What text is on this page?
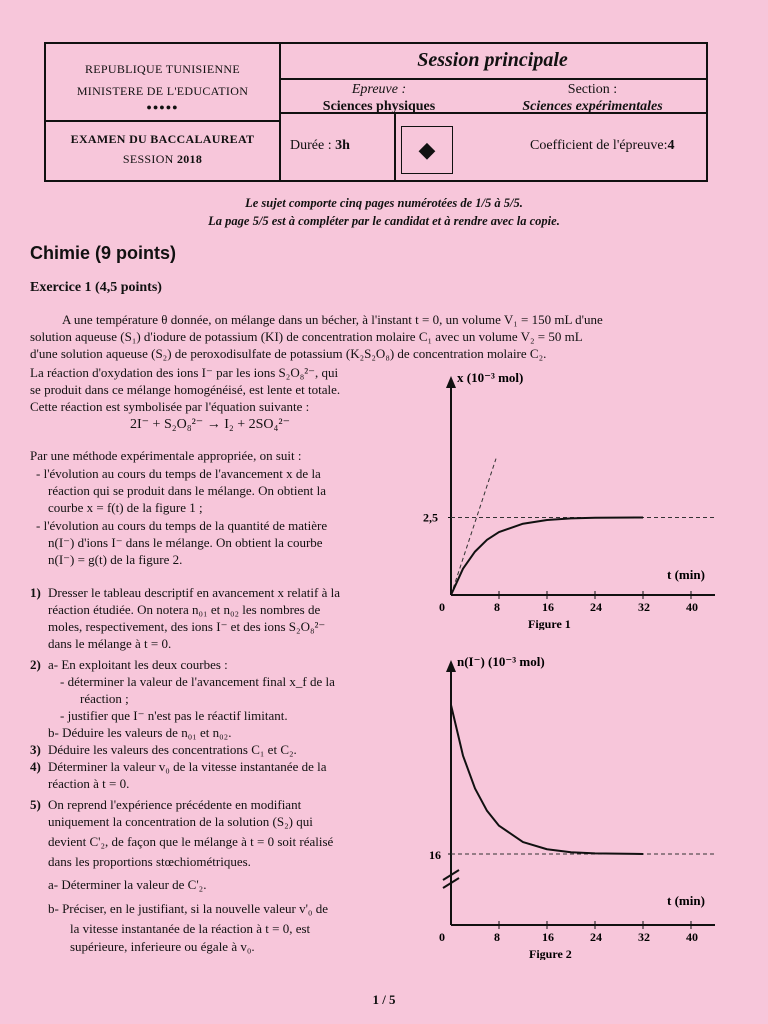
REPUBLIQUE TUNISIENNE
MINISTERE DE L'EDUCATION
●●●●●
EXAMEN DU BACCALAUREAT
SESSION 2018
Session principale
Epreuve :
Sciences physiques
Section :
Sciences expérimentales
Durée : 3h	◆	Coefficient de l'épreuve:4
Le sujet comporte cinq pages numérotées de 1/5 à 5/5.
La page 5/5 est à compléter par le candidat et à rendre avec la copie.
Chimie (9 points)
Exercice 1 (4,5 points)
A une température θ donnée, on mélange dans un bécher, à l'instant t = 0, un volume V₁ = 150 mL d'une
solution aqueuse (S₁) d'iodure de potassium (KI) de concentration molaire C₁ avec un volume V₂ = 50 mL
d'une solution aqueuse (S₂) de peroxodisulfate de potassium (K₂S₂O₈) de concentration molaire C₂.
La réaction d'oxydation des ions I⁻ par les ions S₂O₈²⁻, qui
se produit dans ce mélange homogénéisé, est lente et totale.
Cette réaction est symbolisée par l'équation suivante :
2I⁻ + S₂O₈²⁻ → I₂ + 2SO₄²⁻
Par une méthode expérimentale appropriée, on suit :
- l'évolution au cours du temps de l'avancement x de la
réaction qui se produit dans le mélange. On obtient la
courbe x = f(t) de la figure 1 ;
- l'évolution au cours du temps de la quantité de matière
n(I⁻) d'ions I⁻ dans le mélange. On obtient la courbe
n(I⁻) = g(t) de la figure 2.
1) Dresser le tableau descriptif en avancement x relatif à la
réaction étudiée. On notera n₀₁ et n₀₂ les nombres de
moles, respectivement, des ions I⁻ et des ions S₂O₈²⁻
dans le mélange à t = 0.
2) a- En exploitant les deux courbes :
- déterminer la valeur de l'avancement final x_f de la
réaction ;
- justifier que I⁻ n'est pas le réactif limitant.
b- Déduire les valeurs de n₀₁ et n₀₂.
3) Déduire les valeurs des concentrations C₁ et C₂.
4) Déterminer la valeur v₀ de la vitesse instantanée de la
réaction à t = 0.
5) On reprend l'expérience précédente en modifiant
uniquement la concentration de la solution (S₂) qui
devient C'₂, de façon que le mélange à t = 0 soit réalisé
dans les proportions stœchiométriques.
a- Déterminer la valeur de C'₂.
b- Préciser, en le justifiant, si la nouvelle valeur v'₀ de
la vitesse instantanée de la réaction à t = 0, est
supérieure, inferieure ou égale à v₀.
x (10⁻³ mol)
t (min)
0	8	16	24	32	40
2,5
Figure 1
n(I⁻) (10⁻³ mol)
t (min)
0	8	16	24	32	40
16
Figure 2
1 / 5
